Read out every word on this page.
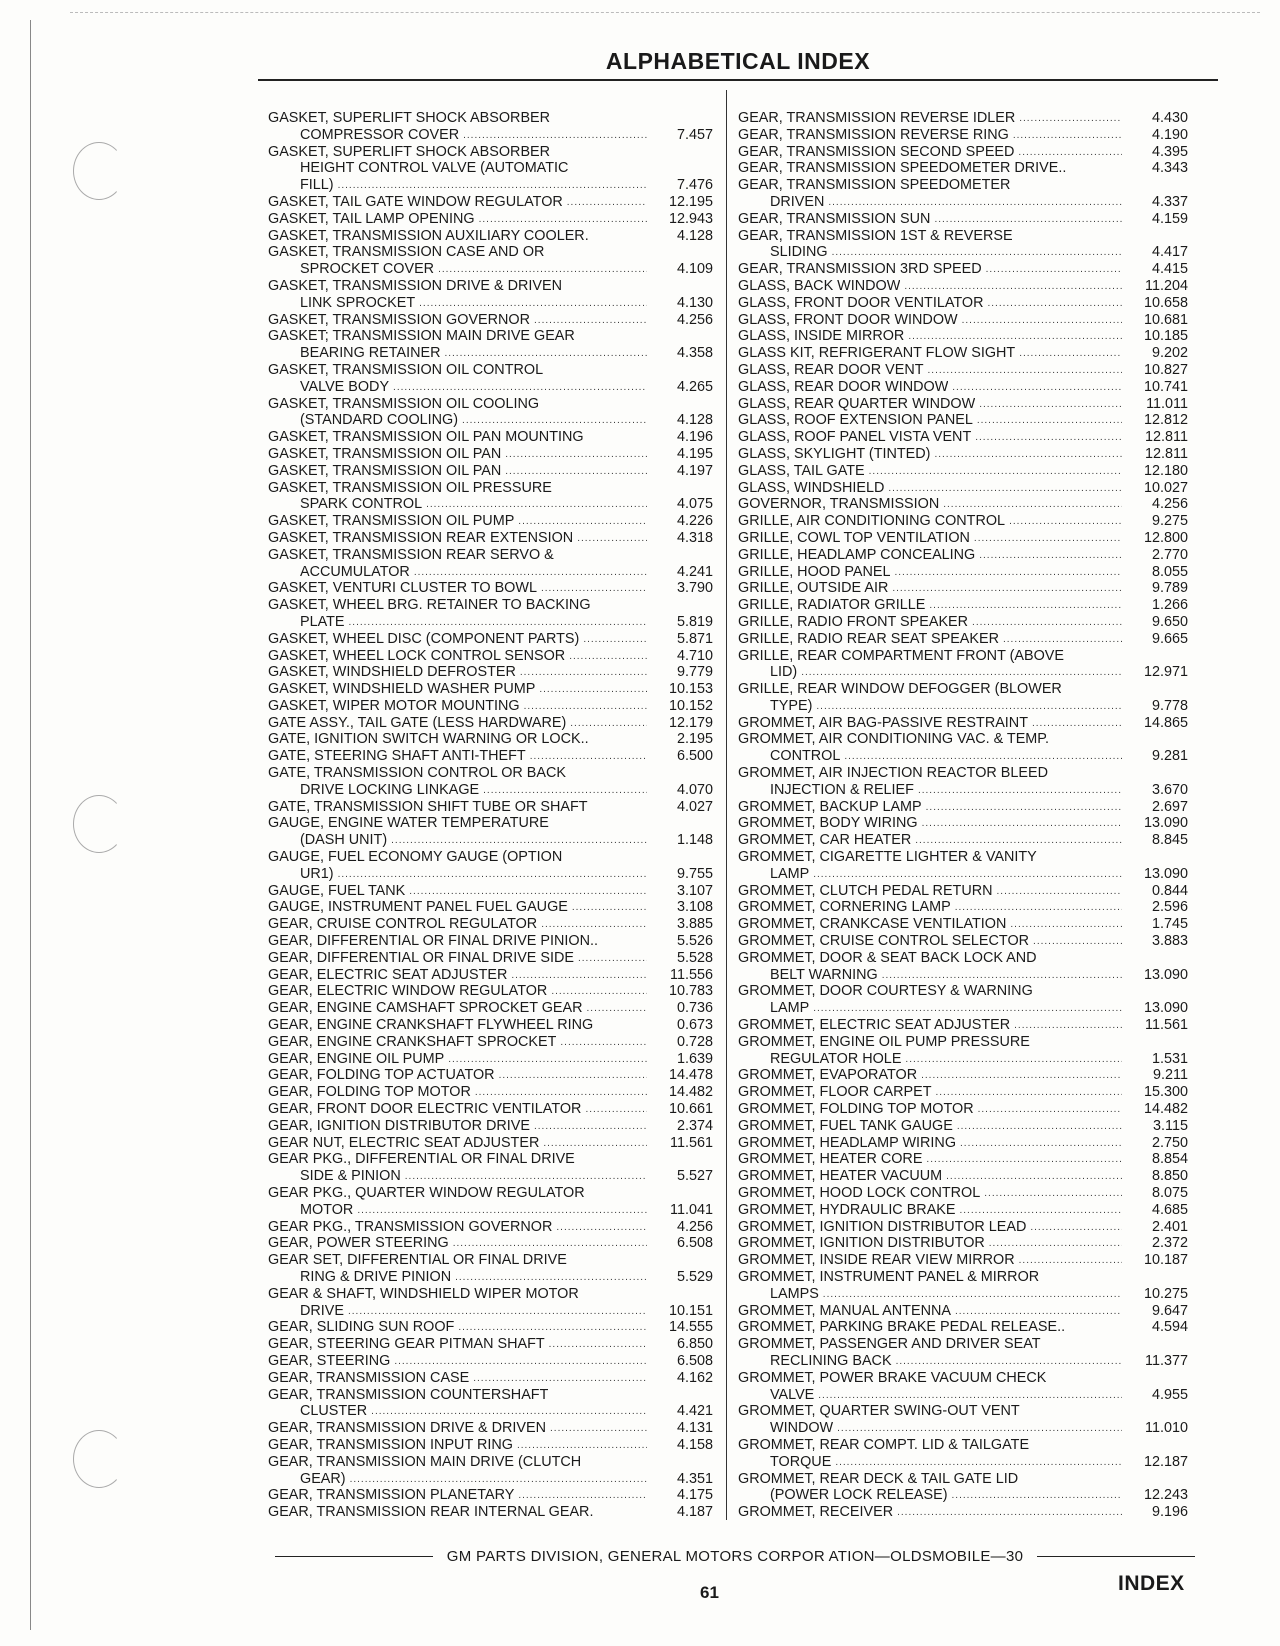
ALPHABETICAL INDEX
GASKET, SUPERLIFT SHOCK ABSORBER
COMPRESSOR COVER .....	7.457
GASKET, SUPERLIFT SHOCK ABSORBER
HEIGHT CONTROL VALVE (AUTOMATIC
FILL) .....	7.476
GASKET, TAIL GATE WINDOW REGULATOR .....	12.195
GASKET, TAIL LAMP OPENING .....	12.943
GASKET, TRANSMISSION AUXILIARY COOLER.	4.128
GASKET, TRANSMISSION CASE AND OR
SPROCKET COVER .....	4.109
GASKET, TRANSMISSION DRIVE & DRIVEN
LINK SPROCKET .....	4.130
GASKET, TRANSMISSION GOVERNOR .....	4.256
GASKET; TRANSMISSION MAIN DRIVE GEAR
BEARING RETAINER .....	4.358
GASKET, TRANSMISSION OIL CONTROL
VALVE BODY .....	4.265
GASKET, TRANSMISSION OIL COOLING
(STANDARD COOLING) .....	4.128
GASKET, TRANSMISSION OIL PAN MOUNTING	4.196
GASKET, TRANSMISSION OIL PAN .....	4.195
GASKET, TRANSMISSION OIL PAN .....	4.197
GASKET, TRANSMISSION OIL PRESSURE
SPARK CONTROL .....	4.075
GASKET, TRANSMISSION OIL PUMP .....	4.226
GASKET, TRANSMISSION REAR EXTENSION .....	4.318
GASKET, TRANSMISSION REAR SERVO &
ACCUMULATOR .....	4.241
GASKET, VENTURI CLUSTER TO BOWL .....	3.790
GASKET, WHEEL BRG. RETAINER TO BACKING
PLATE .....	5.819
GASKET, WHEEL DISC (COMPONENT PARTS) .....	5.871
GASKET, WHEEL LOCK CONTROL SENSOR .....	4.710
GASKET, WINDSHIELD DEFROSTER .....	9.779
GASKET, WINDSHIELD WASHER PUMP .....	10.153
GASKET, WIPER MOTOR MOUNTING .....	10.152
GATE ASSY., TAIL GATE (LESS HARDWARE) .....	12.179
GATE, IGNITION SWITCH WARNING OR LOCK..	2.195
GATE, STEERING SHAFT ANTI-THEFT .....	6.500
GATE, TRANSMISSION CONTROL OR BACK
DRIVE LOCKING LINKAGE .....	4.070
GATE, TRANSMISSION SHIFT TUBE OR SHAFT	4.027
GAUGE, ENGINE WATER TEMPERATURE
(DASH UNIT) .....	1.148
GAUGE, FUEL ECONOMY GAUGE (OPTION
UR1) .....	9.755
GAUGE, FUEL TANK .....	3.107
GAUGE, INSTRUMENT PANEL FUEL GAUGE .....	3.108
GEAR, CRUISE CONTROL REGULATOR .....	3.885
GEAR, DIFFERENTIAL OR FINAL DRIVE PINION..	5.526
GEAR, DIFFERENTIAL OR FINAL DRIVE SIDE .....	5.528
GEAR, ELECTRIC SEAT ADJUSTER .....	11.556
GEAR, ELECTRIC WINDOW REGULATOR .....	10.783
GEAR, ENGINE CAMSHAFT SPROCKET GEAR .....	0.736
GEAR, ENGINE CRANKSHAFT FLYWHEEL RING	0.673
GEAR, ENGINE CRANKSHAFT SPROCKET .....	0.728
GEAR, ENGINE OIL PUMP .....	1.639
GEAR, FOLDING TOP ACTUATOR .....	14.478
GEAR, FOLDING TOP MOTOR .....	14.482
GEAR, FRONT DOOR ELECTRIC VENTILATOR .....	10.661
GEAR, IGNITION DISTRIBUTOR DRIVE .....	2.374
GEAR NUT, ELECTRIC SEAT ADJUSTER .....	11.561
GEAR PKG., DIFFERENTIAL OR FINAL DRIVE
SIDE & PINION .....	5.527
GEAR PKG., QUARTER WINDOW REGULATOR
MOTOR .....	11.041
GEAR PKG., TRANSMISSION GOVERNOR .....	4.256
GEAR, POWER STEERING .....	6.508
GEAR SET, DIFFERENTIAL OR FINAL DRIVE
RING & DRIVE PINION .....	5.529
GEAR & SHAFT, WINDSHIELD WIPER MOTOR
DRIVE .....	10.151
GEAR, SLIDING SUN ROOF .....	14.555
GEAR, STEERING GEAR PITMAN SHAFT .....	6.850
GEAR, STEERING .....	6.508
GEAR, TRANSMISSION CASE .....	4.162
GEAR, TRANSMISSION COUNTERSHAFT
CLUSTER .....	4.421
GEAR, TRANSMISSION DRIVE & DRIVEN .....	4.131
GEAR, TRANSMISSION INPUT RING .....	4.158
GEAR, TRANSMISSION MAIN DRIVE (CLUTCH
GEAR) .....	4.351
GEAR, TRANSMISSION PLANETARY .....	4.175
GEAR, TRANSMISSION REAR INTERNAL GEAR.	4.187
GEAR, TRANSMISSION REVERSE IDLER .....	4.430
GEAR, TRANSMISSION REVERSE RING .....	4.190
GEAR, TRANSMISSION SECOND SPEED .....	4.395
GEAR, TRANSMISSION SPEEDOMETER DRIVE..	4.343
GEAR, TRANSMISSION SPEEDOMETER
DRIVEN .....	4.337
GEAR, TRANSMISSION SUN .....	4.159
GEAR, TRANSMISSION 1ST & REVERSE
SLIDING .....	4.417
GEAR, TRANSMISSION 3RD SPEED .....	4.415
GLASS, BACK WINDOW .....	11.204
GLASS, FRONT DOOR VENTILATOR .....	10.658
GLASS, FRONT DOOR WINDOW .....	10.681
GLASS, INSIDE MIRROR .....	10.185
GLASS KIT, REFRIGERANT FLOW SIGHT .....	9.202
GLASS, REAR DOOR VENT .....	10.827
GLASS, REAR DOOR WINDOW .....	10.741
GLASS, REAR QUARTER WINDOW .....	11.011
GLASS, ROOF EXTENSION PANEL .....	12.812
GLASS, ROOF PANEL VISTA VENT .....	12.811
GLASS, SKYLIGHT (TINTED) .....	12.811
GLASS, TAIL GATE .....	12.180
GLASS, WINDSHIELD .....	10.027
GOVERNOR, TRANSMISSION .....	4.256
GRILLE, AIR CONDITIONING CONTROL .....	9.275
GRILLE, COWL TOP VENTILATION .....	12.800
GRILLE, HEADLAMP CONCEALING .....	2.770
GRILLE, HOOD PANEL .....	8.055
GRILLE, OUTSIDE AIR .....	9.789
GRILLE, RADIATOR GRILLE .....	1.266
GRILLE, RADIO FRONT SPEAKER .....	9.650
GRILLE, RADIO REAR SEAT SPEAKER .....	9.665
GRILLE, REAR COMPARTMENT FRONT (ABOVE
LID) .....	12.971
GRILLE, REAR WINDOW DEFOGGER (BLOWER
TYPE) .....	9.778
GROMMET, AIR BAG-PASSIVE RESTRAINT .....	14.865
GROMMET, AIR CONDITIONING VAC. & TEMP.
CONTROL .....	9.281
GROMMET, AIR INJECTION REACTOR BLEED
INJECTION & RELIEF .....	3.670
GROMMET, BACKUP LAMP .....	2.697
GROMMET, BODY WIRING .....	13.090
GROMMET, CAR HEATER .....	8.845
GROMMET, CIGARETTE LIGHTER & VANITY
LAMP .....	13.090
GROMMET, CLUTCH PEDAL RETURN .....	0.844
GROMMET, CORNERING LAMP .....	2.596
GROMMET, CRANKCASE VENTILATION .....	1.745
GROMMET, CRUISE CONTROL SELECTOR .....	3.883
GROMMET, DOOR & SEAT BACK LOCK AND
BELT WARNING .....	13.090
GROMMET, DOOR COURTESY & WARNING
LAMP .....	13.090
GROMMET, ELECTRIC SEAT ADJUSTER .....	11.561
GROMMET, ENGINE OIL PUMP PRESSURE
REGULATOR HOLE .....	1.531
GROMMET, EVAPORATOR .....	9.211
GROMMET, FLOOR CARPET .....	15.300
GROMMET, FOLDING TOP MOTOR .....	14.482
GROMMET, FUEL TANK GAUGE .....	3.115
GROMMET, HEADLAMP WIRING .....	2.750
GROMMET, HEATER CORE .....	8.854
GROMMET, HEATER VACUUM .....	8.850
GROMMET, HOOD LOCK CONTROL .....	8.075
GROMMET, HYDRAULIC BRAKE .....	4.685
GROMMET, IGNITION DISTRIBUTOR LEAD .....	2.401
GROMMET, IGNITION DISTRIBUTOR .....	2.372
GROMMET, INSIDE REAR VIEW MIRROR .....	10.187
GROMMET, INSTRUMENT PANEL & MIRROR
LAMPS .....	10.275
GROMMET, MANUAL ANTENNA .....	9.647
GROMMET, PARKING BRAKE PEDAL RELEASE..	4.594
GROMMET, PASSENGER AND DRIVER SEAT
RECLINING BACK .....	11.377
GROMMET, POWER BRAKE VACUUM CHECK
VALVE .....	4.955
GROMMET, QUARTER SWING-OUT VENT
WINDOW .....	11.010
GROMMET, REAR COMPT. LID & TAILGATE
TORQUE .....	12.187
GROMMET, REAR DECK & TAIL GATE LID
(POWER LOCK RELEASE) .....	12.243
GROMMET, RECEIVER .....	9.196
GM PARTS DIVISION, GENERAL MOTORS CORPOR ATION—OLDSMOBILE—30
61	INDEX
